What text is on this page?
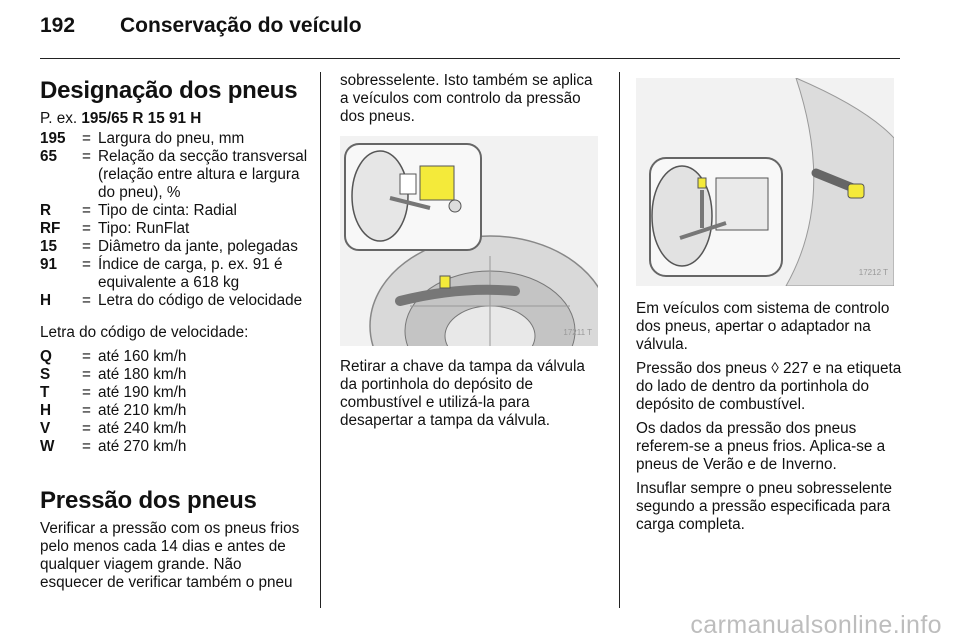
192 Conservação do veículo
Designação dos pneus

P. ex. 195/65 R 15 91 H

195	= Largura do pneu, mm
65	= Relação da secção transversal (relação entre altura e largura do pneu), %
R	= Tipo de cinta: Radial
RF	= Tipo: RunFlat
15	= Diâmetro da jante, polegadas
91	= Índice de carga, p. ex. 91 é equivalente a 618 kg
H	= Letra do código de velocidade

Letra do código de velocidade:

Q	= até 160 km/h
S	= até 180 km/h
T	= até 190 km/h
H	= até 210 km/h
V	= até 240 km/h
W	= até 270 km/h
Pressão dos pneus

Verificar a pressão com os pneus frios pelo menos cada 14 dias e antes de qualquer viagem grande. Não esquecer de verificar também o pneu

sobresselente. Isto também se aplica a veículos com controlo da pressão dos pneus.

17211 T

Retirar a chave da tampa da válvula da portinhola do depósito de combustível e utilizá-la para desapertar a tampa da válvula.

17212 T

Em veículos com sistema de controlo dos pneus, apertar o adaptador na válvula.

Pressão dos pneus ◊ 227 e na etiqueta do lado de dentro da portinhola do depósito de combustível.

Os dados da pressão dos pneus referem-se a pneus frios. Aplica-se a pneus de Verão e de Inverno.

Insuflar sempre o pneu sobresselente segundo a pressão especificada para carga completa.

carmanualsonline.info
